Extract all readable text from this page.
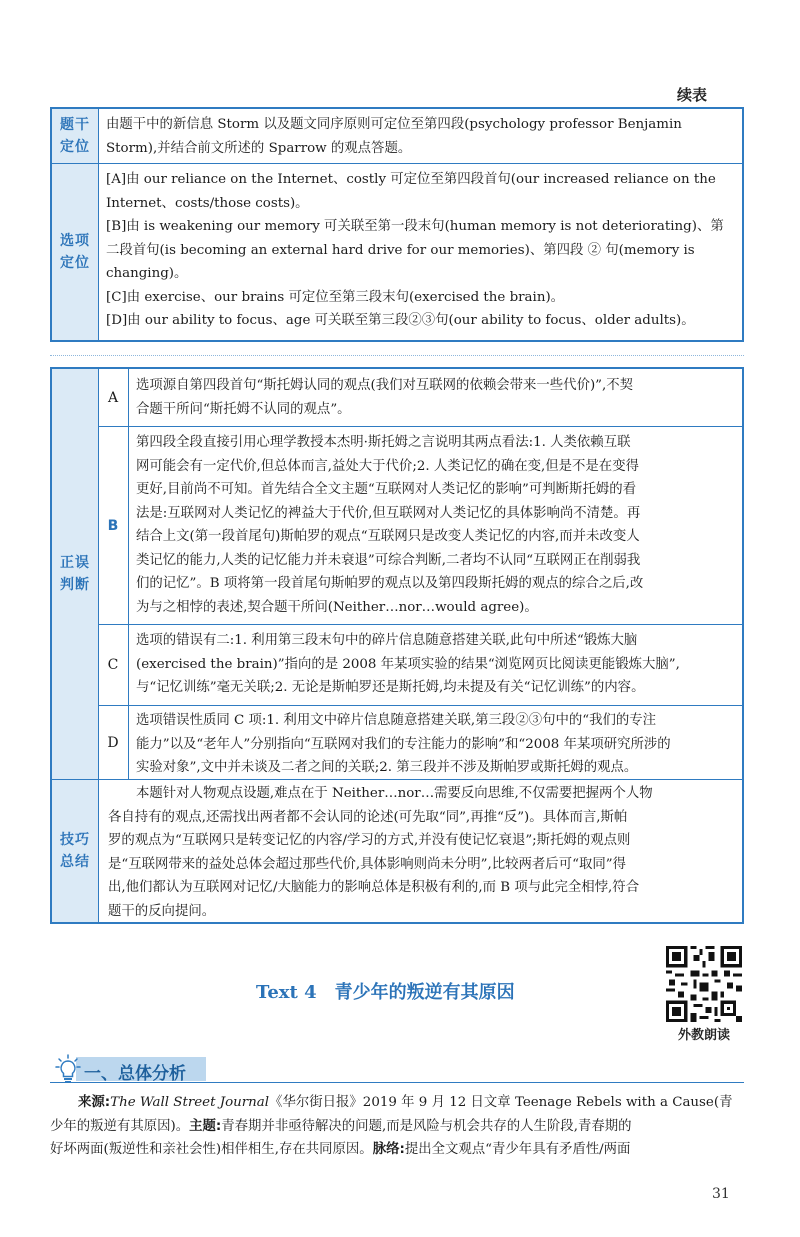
续表
题干定位

由题干中的新信息 Storm 以及题文同序原则可定位至第四段(psychology professor Benjamin

Storm),并结合前文所述的 Sparrow 的观点答题。

选项定位

[A]由 our reliance on the Internet、costly 可定位至第四段首句(our increased reliance on the

Internet、costs/those costs)。

[B]由 is weakening our memory 可关联至第一段末句(human memory is not deteriorating)、第

二段首句(is becoming an external hard drive for our memories)、第四段 ② 句(memory is

changing)。

[C]由 exercise、our brains 可定位至第三段末句(exercised the brain)。

[D]由 our ability to focus、age 可关联至第三段②③句(our ability to focus、older adults)。

正误判断
A

选项源自第四段首句“斯托姆认同的观点(我们对互联网的依赖会带来一些代价)”,不契

合题干所问“斯托姆不认同的观点”。

B

第四段全段直接引用心理学教授本杰明·斯托姆之言说明其两点看法:1. 人类依赖互联

网可能会有一定代价,但总体而言,益处大于代价;2. 人类记忆的确在变,但是不是在变得

更好,目前尚不可知。首先结合全文主题“互联网对人类记忆的影响”可判断斯托姆的看

法是:互联网对人类记忆的裨益大于代价,但互联网对人类记忆的具体影响尚不清楚。再

结合上文(第一段首尾句)斯帕罗的观点“互联网只是改变人类记忆的内容,而并未改变人

类记忆的能力,人类的记忆能力并未衰退”可综合判断,二者均不认同“互联网正在削弱我

们的记忆”。B 项将第一段首尾句斯帕罗的观点以及第四段斯托姆的观点的综合之后,改

为与之相悖的表述,契合题干所问(Neither…nor…would agree)。

C

选项的错误有二:1. 利用第三段末句中的碎片信息随意搭建关联,此句中所述“锻炼大脑

(exercised the brain)”指向的是 2008 年某项实验的结果“浏览网页比阅读更能锻炼大脑”,

与“记忆训练”毫无关联;2. 无论是斯帕罗还是斯托姆,均未提及有关“记忆训练”的内容。

D

选项错误性质同 C 项:1. 利用文中碎片信息随意搭建关联,第三段②③句中的“我们的专注

能力”以及“老年人”分别指向“互联网对我们的专注能力的影响”和“2008 年某项研究所涉的

实验对象”,文中并未谈及二者之间的关联;2. 第三段并不涉及斯帕罗或斯托姆的观点。

技巧总结

本题针对人物观点设题,难点在于 Neither…nor…需要反向思维,不仅需要把握两个人物

各自持有的观点,还需找出两者都不会认同的论述(可先取“同”,再推“反”)。具体而言,斯帕

罗的观点为“互联网只是转变记忆的内容/学习的方式,并没有使记忆衰退”;斯托姆的观点则

是“互联网带来的益处总体会超过那些代价,具体影响则尚未分明”,比较两者后可“取同”得

出,他们都认为互联网对记忆/大脑能力的影响总体是积极有利的,而 B 项与此完全相悖,符合

题干的反向提问。

Text 4 青少年的叛逆有其原因
外教朗读
一、总体分析

来源:The Wall Street Journal《华尔街日报》2019 年 9 月 12 日文章 Teenage Rebels with a Cause(青

少年的叛逆有其原因)。主题:青春期并非亟待解决的问题,而是风险与机会共存的人生阶段,青春期的

好坏两面(叛逆性和亲社会性)相伴相生,存在共同原因。脉络:提出全文观点“青少年具有矛盾性/两面

31
